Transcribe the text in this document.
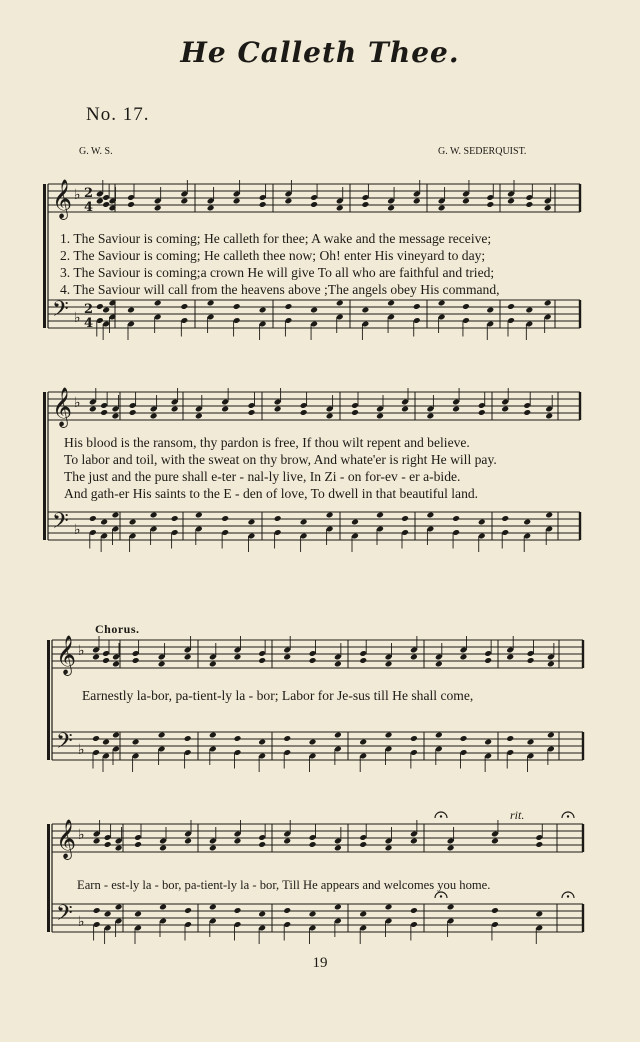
He Calleth Thee.
No. 17.
G. W. S.	G. W. SEDERQUIST.
𝄞
𝄢
♭
♭
2
4
2
4
𝄞
𝄢
♭
♭
𝄞
𝄢
♭
♭
𝄞
𝄢
♭
♭
1. The Saviour is coming; He calleth for thee; A wake and the message receive;
2. The Saviour is coming; He calleth thee now; Oh! enter His vineyard to day;
3. The Saviour is coming;a crown He will give To all who are faithful and tried;
4. The Saviour will call from the heavens above ;The angels obey His command,
His blood is the ransom, thy pardon is free, If thou wilt repent and believe.
To labor and toil, with the sweat on thy brow, And whate'er is right He will pay.
The just and the pure shall e-ter - nal-ly live, In Zi - on for-ev - er a-bide.
And gath-er His saints to the E - den of love, To dwell in that beautiful land.
Chorus.
Earnestly la-bor, pa-tient-ly la - bor; Labor for Je-sus till He shall come,
rit.
Earn - est-ly la - bor, pa-tient-ly la - bor, Till He appears and welcomes you home.
19
